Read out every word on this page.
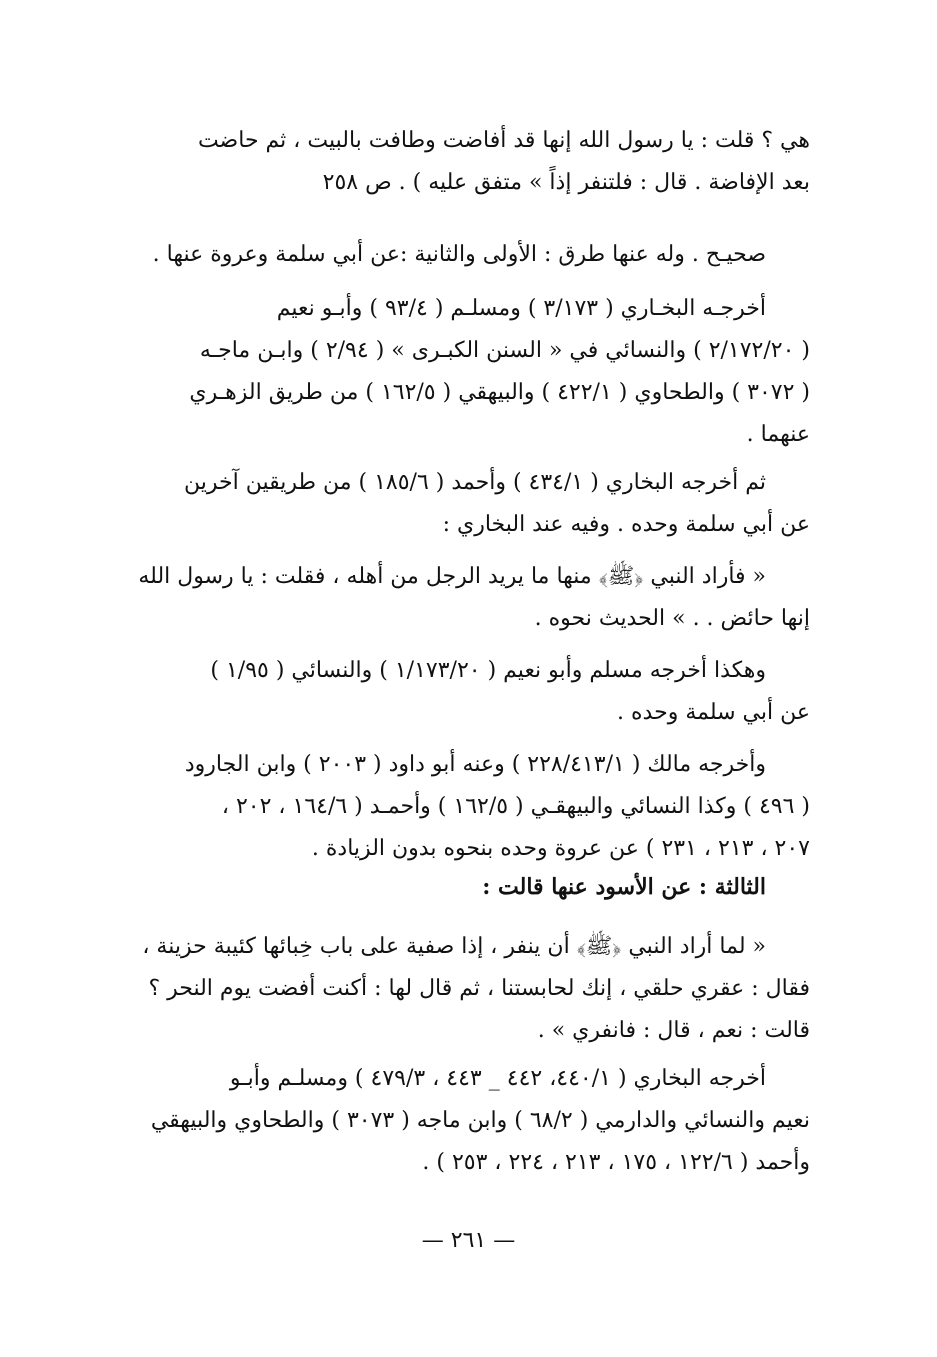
هي ؟ قلت : يا رسول الله إنها قد أفاضت وطافت بالبيت ، ثم حاضت
بعد الإفاضة . قال : فلتنفر إذاً » متفق عليه ) . ص ٢٥٨
صحيـح . وله عنها طرق : الأولى والثانية :عن أبي سلمة وعروة عنها .
أخرجـه البخـاري ( ٣/١٧٣ ) ومسلـم ( ٩٣/٤ ) وأبـو نعيم
( ٢/١٧٢/٢٠ ) والنسائي في « السنن الكبـرى » ( ٢/٩٤ ) وابـن ماجـه
( ٣٠٧٢ ) والطحاوي ( ٤٢٢/١ ) والبيهقي ( ١٦٢/٥ ) من طريق الزهـري
عنهما .
ثم أخرجه البخاري ( ٤٣٤/١ ) وأحمد ( ١٨٥/٦ ) من طريقين آخرين
عن أبي سلمة وحده . وفيه عند البخاري :
« فأراد النبي ﴿ﷺ﴾ منها ما يريد الرجل من أهله ، فقلت : يا رسول الله
إنها حائض . . » الحديث نحوه .
وهكذا أخرجه مسلم وأبو نعيم ( ١/١٧٣/٢٠ ) والنسائي ( ١/٩٥ )
عن أبي سلمة وحده .
وأخرجه مالك ( ٢٢٨/٤١٣/١ ) وعنه أبو داود ( ٢٠٠٣ ) وابن الجارود
( ٤٩٦ ) وكذا النسائي والبيهقـي ( ١٦٢/٥ ) وأحمـد ( ١٦٤/٦ ، ٢٠٢ ،
٢٠٧ ، ٢١٣ ، ٢٣١ ) عن عروة وحده بنحوه بدون الزيادة .
الثالثة : عن الأسود عنها قالت :
« لما أراد النبي ﴿ﷺ﴾ أن ينفر ، إذا صفية على باب خِبائها كئيبة حزينة ،
فقال : عقري حلقي ، إنك لحابستنا ، ثم قال لها : أكنت أفضت يوم النحر ؟
قالت : نعم ، قال : فانفري » .
أخرجه البخاري ( ٤٤٠/١، ٤٤٢ _ ٤٤٣ ، ٤٧٩/٣ ) ومسلـم وأبـو
نعيم والنسائي والدارمي ( ٦٨/٢ ) وابن ماجه ( ٣٠٧٣ ) والطحاوي والبيهقي
وأحمد ( ١٢٢/٦ ، ١٧٥ ، ٢١٣ ، ٢٢٤ ، ٢٥٣ ) .
— ٢٦١ —
